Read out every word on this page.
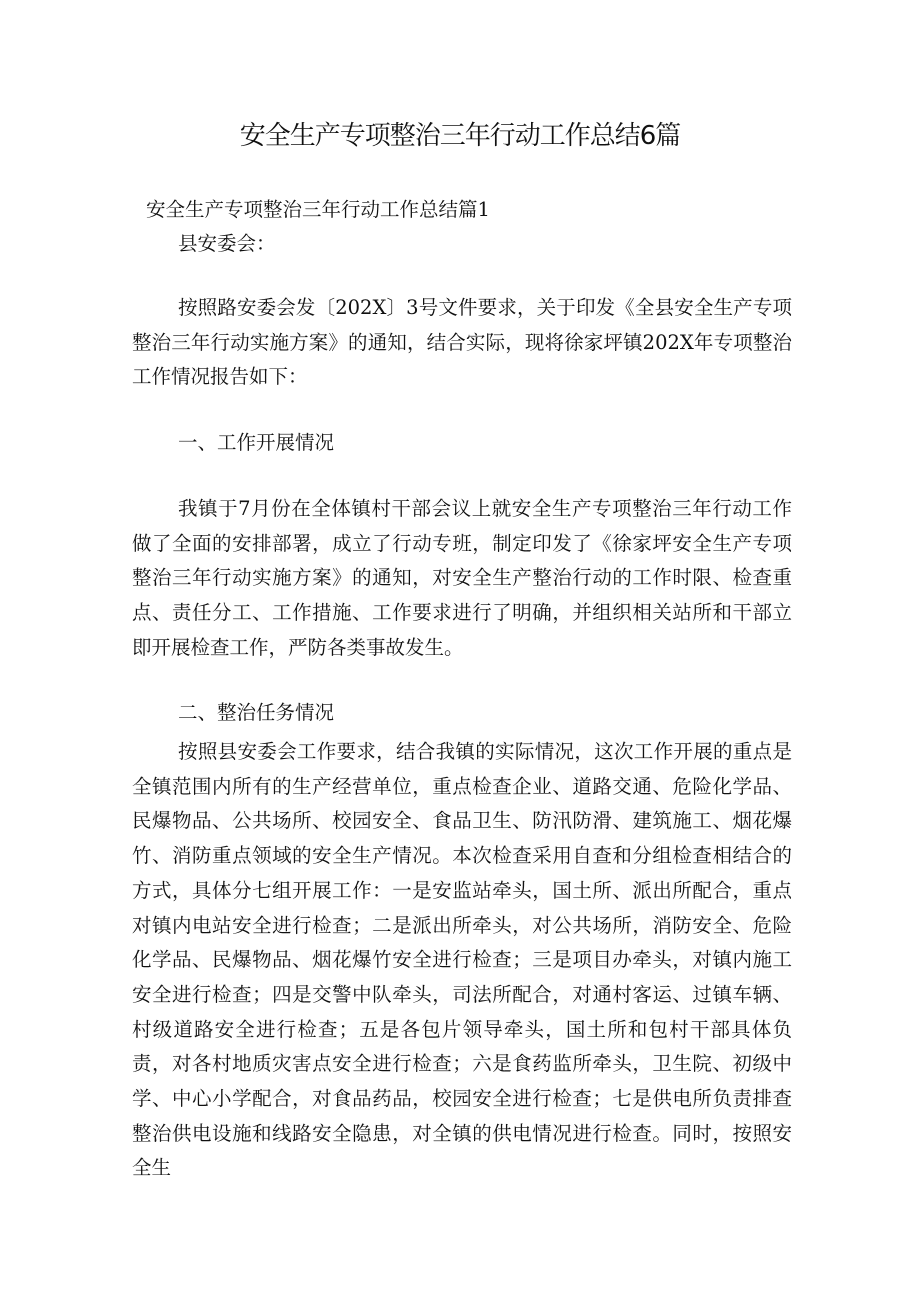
安全生产专项整治三年行动工作总结6篇

安全生产专项整治三年行动工作总结篇1

县安委会：

按照路安委会发〔202X〕3号文件要求，关于印发《全县安全生产专项整治三年行动实施方案》的通知，结合实际，现将徐家坪镇202X年专项整治工作情况报告如下：

一、工作开展情况

我镇于7月份在全体镇村干部会议上就安全生产专项整治三年行动工作做了全面的安排部署，成立了行动专班，制定印发了《徐家坪安全生产专项整治三年行动实施方案》的通知，对安全生产整治行动的工作时限、检查重点、责任分工、工作措施、工作要求进行了明确，并组织相关站所和干部立即开展检查工作，严防各类事故发生。

二、整治任务情况

按照县安委会工作要求，结合我镇的实际情况，这次工作开展的重点是全镇范围内所有的生产经营单位，重点检查企业、道路交通、危险化学品、民爆物品、公共场所、校园安全、食品卫生、防汛防滑、建筑施工、烟花爆竹、消防重点领域的安全生产情况。本次检查采用自查和分组检查相结合的方式，具体分七组开展工作：一是安监站牵头，国土所、派出所配合，重点对镇内电站安全进行检查；二是派出所牵头，对公共场所，消防安全、危险化学品、民爆物品、烟花爆竹安全进行检查；三是项目办牵头，对镇内施工安全进行检查；四是交警中队牵头，司法所配合，对通村客运、过镇车辆、村级道路安全进行检查；五是各包片领导牵头，国土所和包村干部具体负责，对各村地质灾害点安全进行检查；六是食药监所牵头，卫生院、初级中学、中心小学配合，对食品药品，校园安全进行检查；七是供电所负责排查整治供电设施和线路安全隐患，对全镇的供电情况进行检查。同时，按照安全生
